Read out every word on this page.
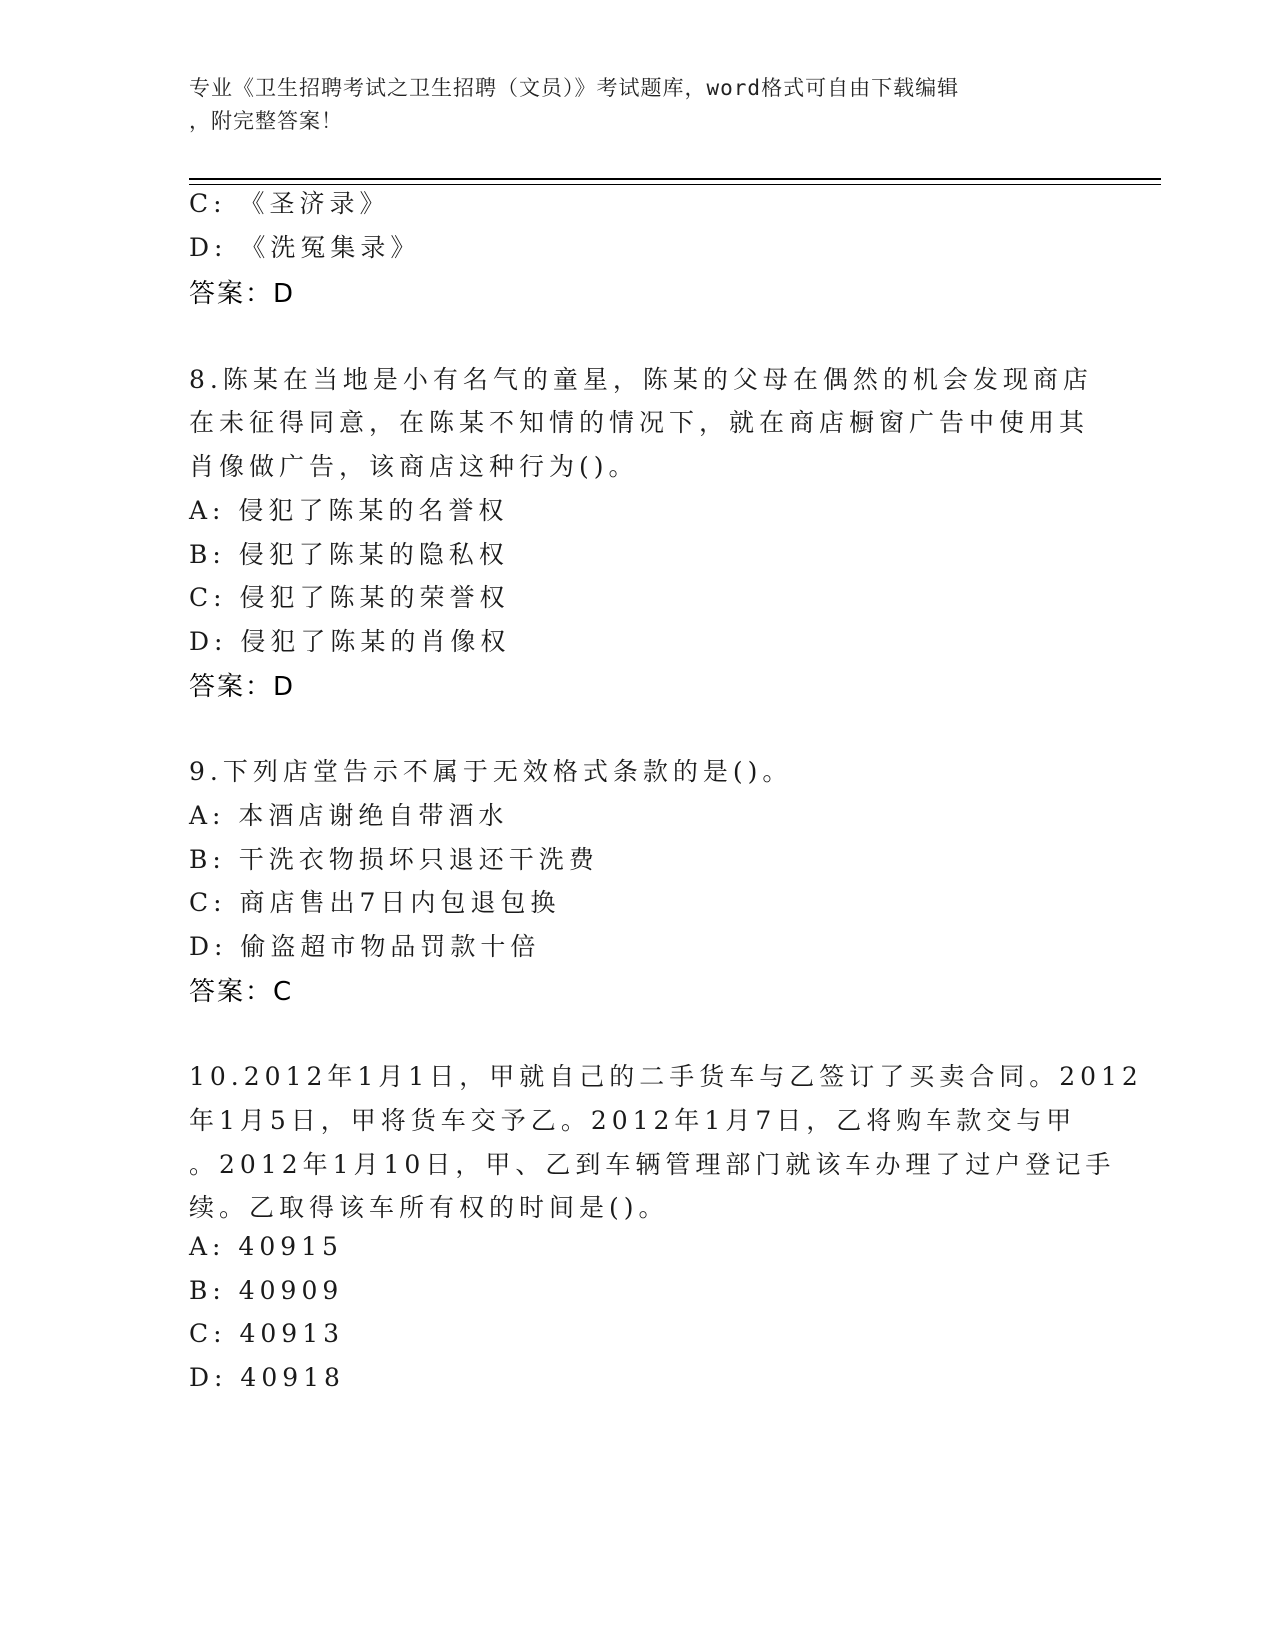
专业《卫生招聘考试之卫生招聘（文员）》考试题库，word格式可自由下载编辑
，附完整答案！
C: 《圣济录》
D: 《洗冤集录》
答案：D
8.陈某在当地是小有名气的童星，陈某的父母在偶然的机会发现商店
在未征得同意，在陈某不知情的情况下，就在商店橱窗广告中使用其
肖像做广告，该商店这种行为()。
A: 侵犯了陈某的名誉权
B: 侵犯了陈某的隐私权
C: 侵犯了陈某的荣誉权
D: 侵犯了陈某的肖像权
答案：D
9.下列店堂告示不属于无效格式条款的是()。
A: 本酒店谢绝自带酒水
B: 干洗衣物损坏只退还干洗费
C: 商店售出7日内包退包换
D: 偷盗超市物品罚款十倍
答案：C
10.2012年1月1日，甲就自己的二手货车与乙签订了买卖合同。2012
年1月5日，甲将货车交予乙。2012年1月7日，乙将购车款交与甲
。2012年1月10日，甲、乙到车辆管理部门就该车办理了过户登记手
续。乙取得该车所有权的时间是()。
A: 40915
B: 40909
C: 40913
D: 40918
